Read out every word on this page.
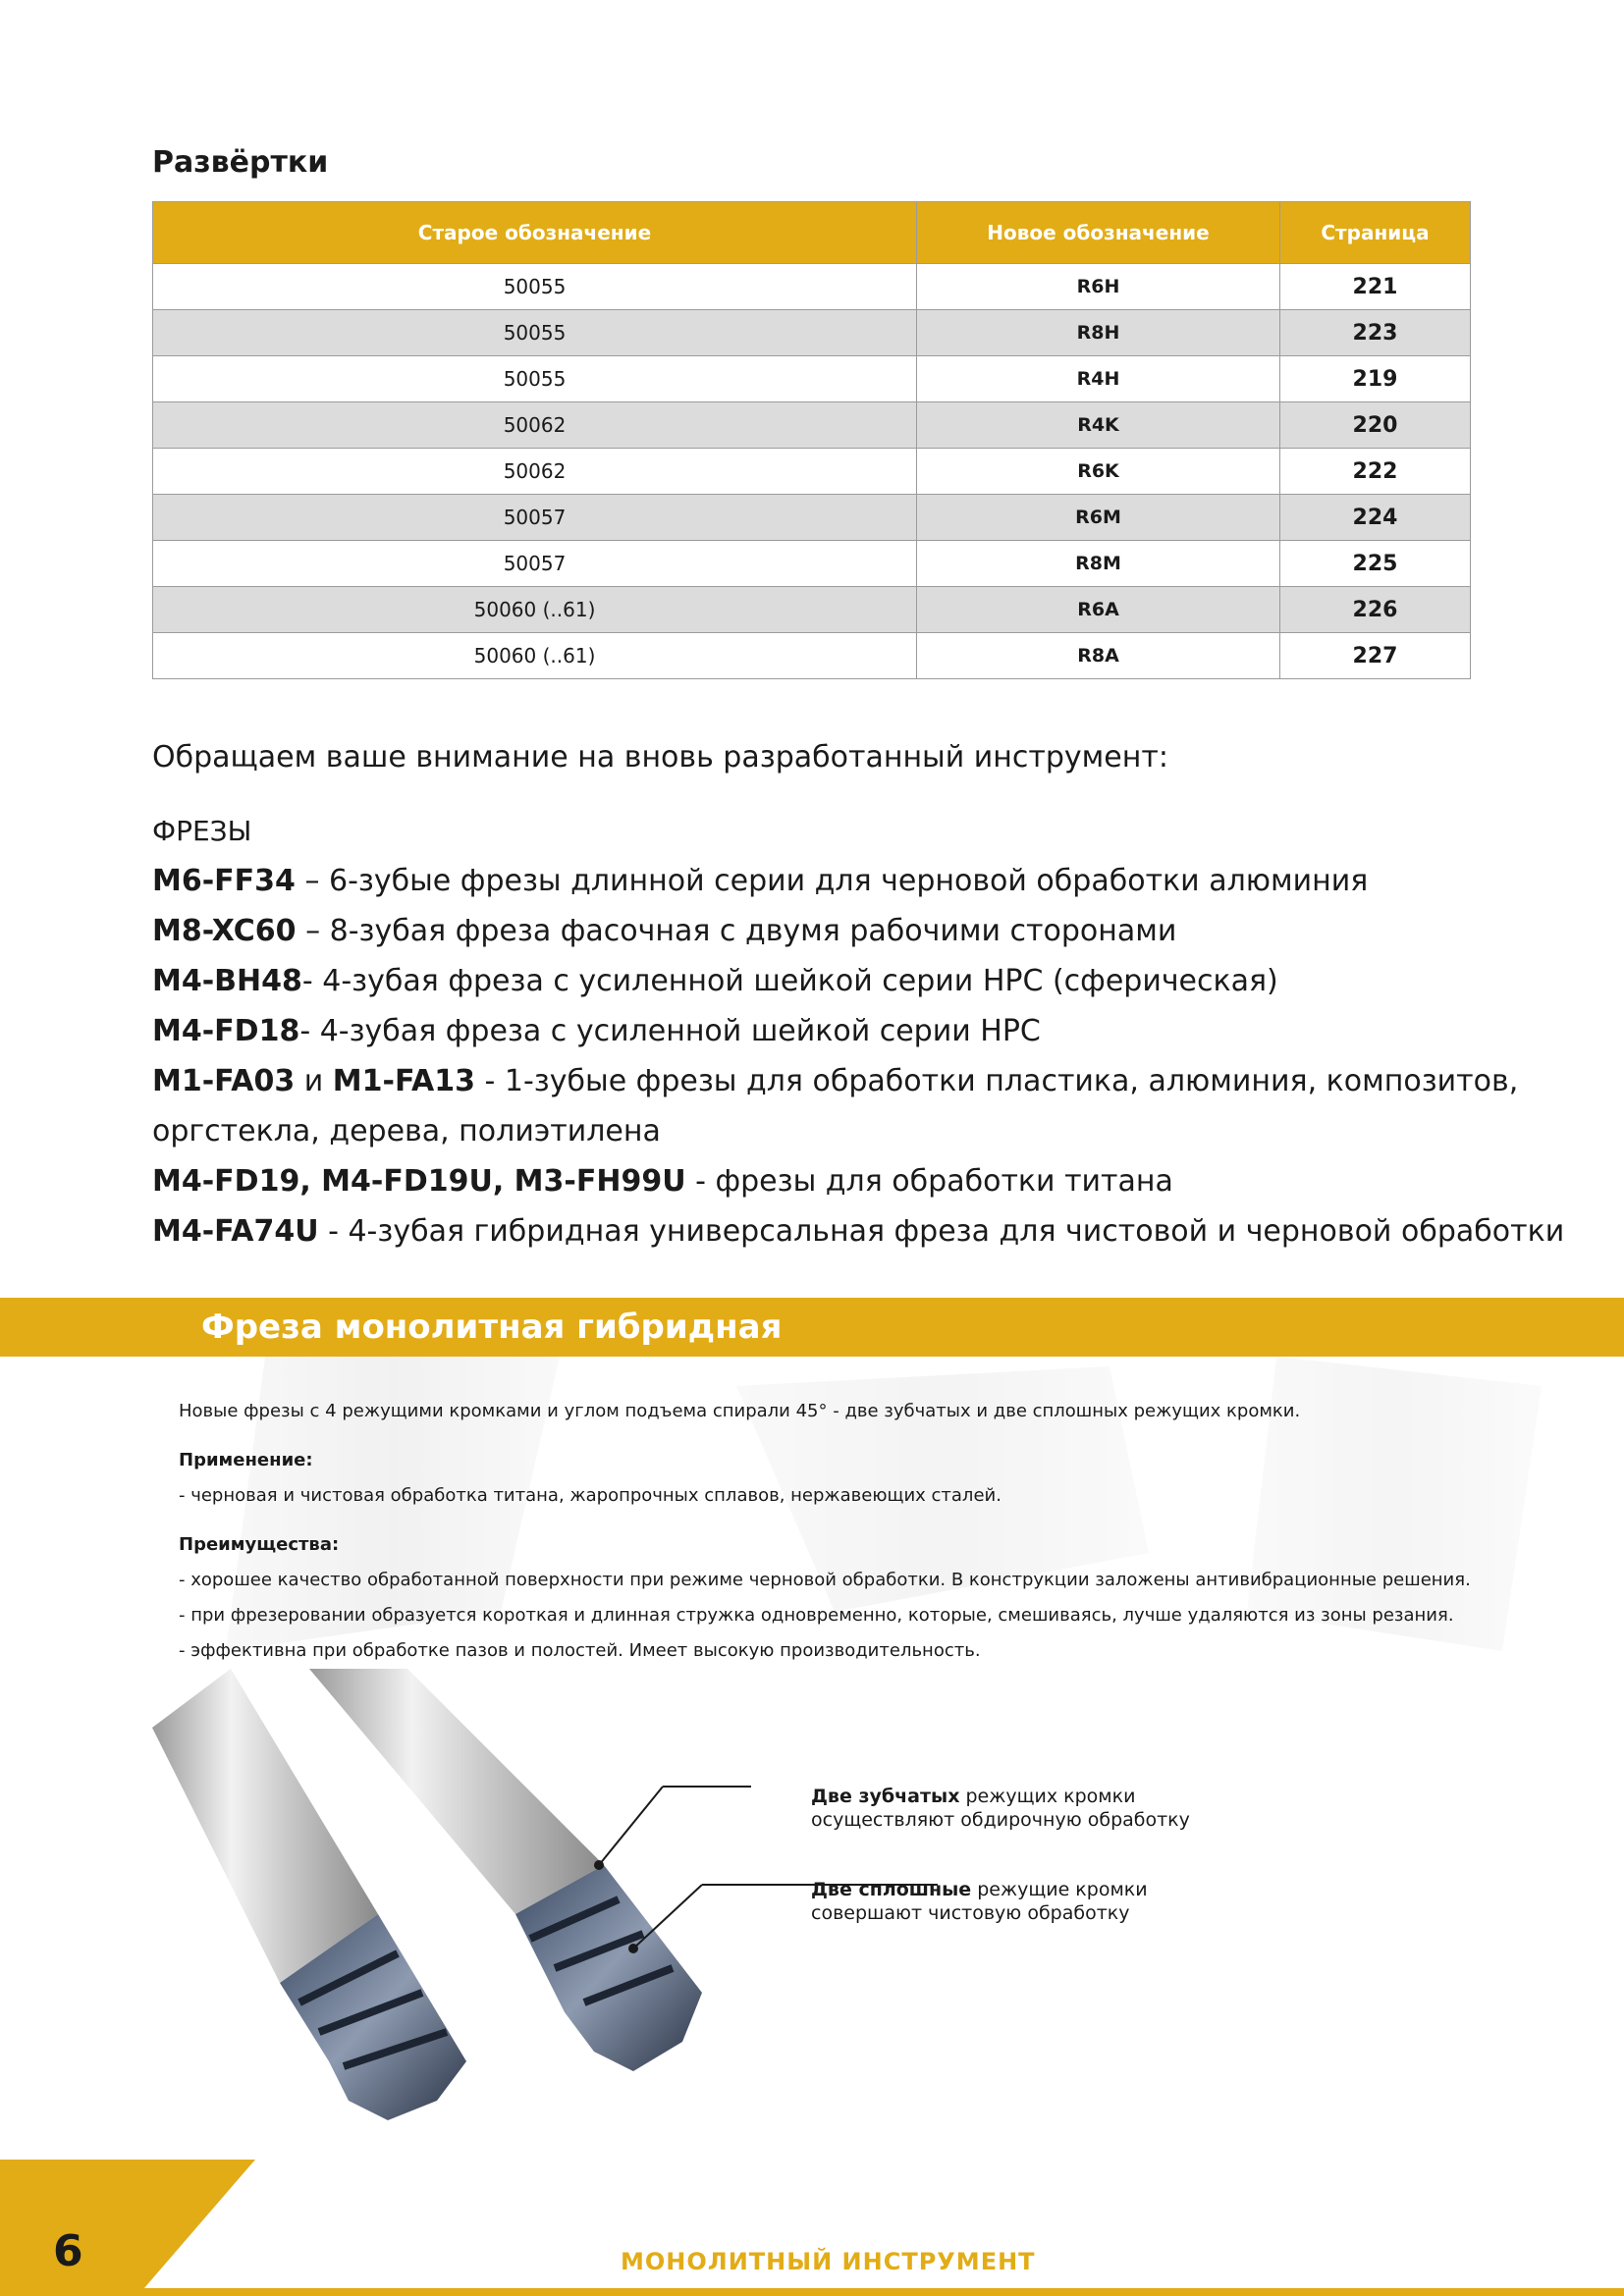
Развёртки
Старое обозначение	Новое обозначение	Страница
50055	R6H	221
50055	R8H	223
50055	R4H	219
50062	R4K	220
50062	R6K	222
50057	R6M	224
50057	R8M	225
50060 (..61)	R6A	226
50060 (..61)	R8A	227
Обращаем ваше внимание на вновь разработанный инструмент:
ФРЕЗЫ
M6-FF34 – 6-зубые фрезы длинной серии для черновой обработки алюминия
M8-XC60 – 8-зубая фреза фасочная с двумя рабочими сторонами
M4-BH48- 4-зубая фреза с усиленной шейкой серии HPC (сферическая)
M4-FD18- 4-зубая фреза с усиленной шейкой серии HPC
M1-FA03 и M1-FA13 - 1-зубые фрезы для обработки пластика, алюминия, композитов,
оргстекла, дерева, полиэтилена
M4-FD19, M4-FD19U, M3-FH99U - фрезы для обработки титана
M4-FA74U - 4-зубая гибридная универсальная фреза для чистовой и черновой обработки
Фреза монолитная гибридная

Новые фрезы с 4 режущими кромками и углом подъема спирали 45° - две зубчатых и две сплошных режущих кромки.

Применение:

- черновая и чистовая обработка титана, жаропрочных сплавов, нержавеющих сталей.

Преимущества:

- хорошее качество обработанной поверхности при режиме черновой обработки. В конструкции заложены антивибрационные решения.

- при фрезеровании образуется короткая и длинная стружка одновременно, которые, смешиваясь, лучше удаляются из зоны резания.

- эффективна при обработке пазов и полостей. Имеет высокую производительность.

Две зубчатых режущих кромки
осуществляют обдирочную обработку
Две сплошные режущие кромки
совершают чистовую обработку
6	МОНОЛИТНЫЙ ИНСТРУМЕНТ
